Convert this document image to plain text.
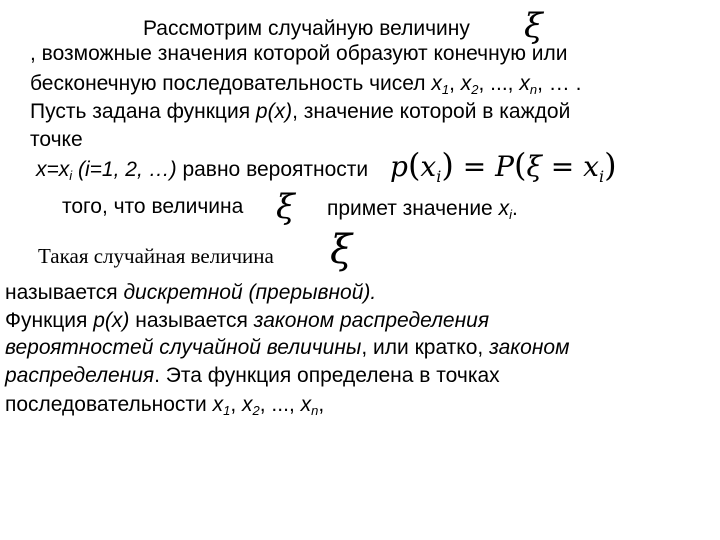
Рассмотрим случайную величину ξ
, возможные значения которой образуют конечную или
бесконечную последовательность чисел $x_1$, $x_2$, ..., $x_n$, … .
Пусть задана функция p(x), значение которой в каждой
точке
$x=x_i$ (i=1, 2, …) равно вероятности $p(x_i) = P(\xi = x_i)$
того, что величина ξ примет значение $x_i$.
Такая случайная величина ξ
называется дискретной (прерывной).
Функция p(x) называется законом распределения
вероятностей случайной величины, или кратко, законом
распределения. Эта функция определена в точках
последовательности $x_1$, $x_2$, ..., $x_n$,
